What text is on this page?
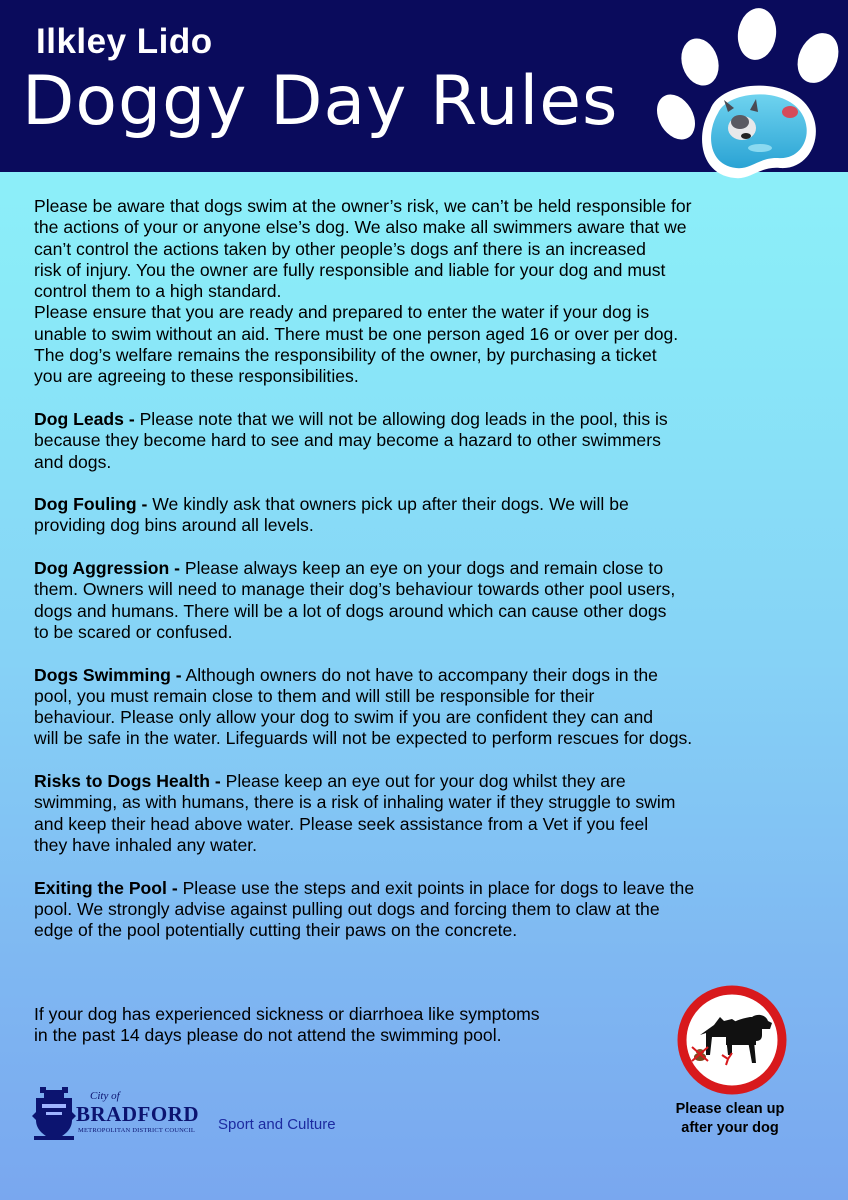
Ilkley Lido
Doggy Day Rules

Please be aware that dogs swim at the owner’s risk, we can’t be held responsible for

the actions of your or anyone else’s dog. We also make all swimmers aware that we

can’t control the actions taken by other people’s dogs anf there is an increased

risk of injury. You the owner are fully responsible and liable for your dog and must

control them to a high standard.

Please ensure that you are ready and prepared to enter the water if your dog is

unable to swim without an aid. There must be one person aged 16 or over per dog.

The dog’s welfare remains the responsibility of the owner, by purchasing a ticket

you are agreeing to these responsibilities.

Dog Leads - Please note that we will not be allowing dog leads in the pool, this is

because they become hard to see and may become a hazard to other swimmers

and dogs.

Dog Fouling - We kindly ask that owners pick up after their dogs. We will be

providing dog bins around all levels.

Dog Aggression - Please always keep an eye on your dogs and remain close to

them. Owners will need to manage their dog’s behaviour towards other pool users,

dogs and humans. There will be a lot of dogs around which can cause other dogs

to be scared or confused.

Dogs Swimming - Although owners do not have to accompany their dogs in the

pool, you must remain close to them and will still be responsible for their

behaviour. Please only allow your dog to swim if you are confident they can and

will be safe in the water. Lifeguards will not be expected to perform rescues for dogs.

Risks to Dogs Health - Please keep an eye out for your dog whilst they are

swimming, as with humans, there is a risk of inhaling water if they struggle to swim

and keep their head above water. Please seek assistance from a Vet if you feel

they have inhaled any water.

Exiting the Pool - Please use the steps and exit points in place for dogs to leave the

pool. We strongly advise against pulling out dogs and forcing them to claw at the

edge of the pool potentially cutting their paws on the concrete.

If your dog has experienced sickness or diarrhoea like symptoms

in the past 14 days please do not attend the swimming pool.

City of
BRADFORD
METROPOLITAN DISTRICT COUNCIL Sport and Culture
Please clean up
after your dog
